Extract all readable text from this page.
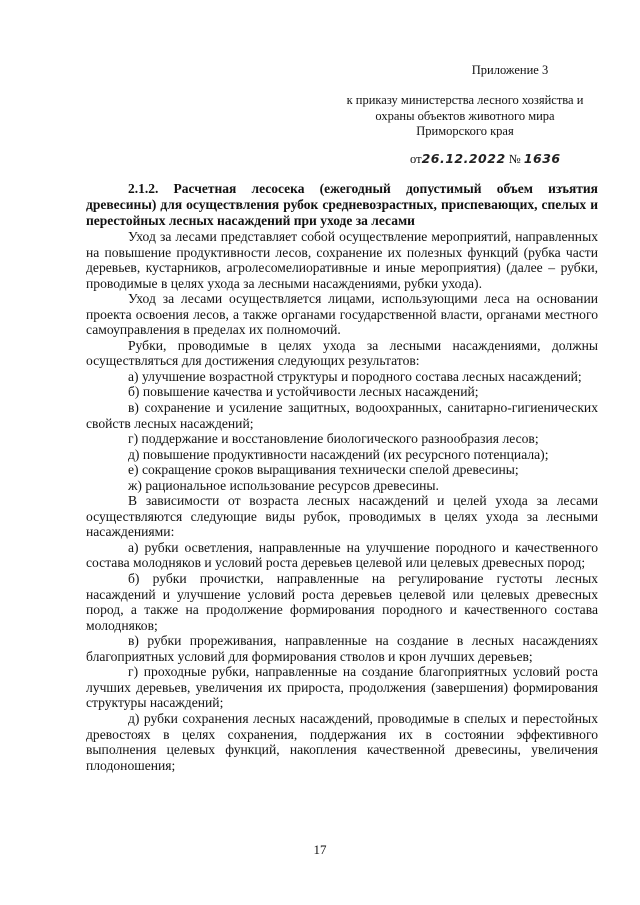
Приложение 3
к приказу министерства лесного хозяйства и
охраны объектов животного мира
Приморского края
от26.12.2022 № 1636

2.1.2. Расчетная лесосека (ежегодный допустимый объем изъятия древесины) для осуществления рубок средневозрастных, приспевающих, спелых и перестойных лесных насаждений при уходе за лесами

Уход за лесами представляет собой осуществление мероприятий, направленных на повышение продуктивности лесов, сохранение их полезных функций (рубка части деревьев, кустарников, агролесомелиоративные и иные мероприятия) (далее – рубки, проводимые в целях ухода за лесными насаждениями, рубки ухода).

Уход за лесами осуществляется лицами, использующими леса на основании проекта освоения лесов, а также органами государственной власти, органами местного самоуправления в пределах их полномочий.

Рубки, проводимые в целях ухода за лесными насаждениями, должны осуществляться для достижения следующих результатов:

а) улучшение возрастной структуры и породного состава лесных насаждений;

б) повышение качества и устойчивости лесных насаждений;

в) сохранение и усиление защитных, водоохранных, санитарно-гигиенических свойств лесных насаждений;

г) поддержание и восстановление биологического разнообразия лесов;

д) повышение продуктивности насаждений (их ресурсного потенциала);

е) сокращение сроков выращивания технически спелой древесины;

ж) рациональное использование ресурсов древесины.

В зависимости от возраста лесных насаждений и целей ухода за лесами осуществляются следующие виды рубок, проводимых в целях ухода за лесными насаждениями:

а) рубки осветления, направленные на улучшение породного и качественного состава молодняков и условий роста деревьев целевой или целевых древесных пород;

б) рубки прочистки, направленные на регулирование густоты лесных насаждений и улучшение условий роста деревьев целевой или целевых древесных пород, а также на продолжение формирования породного и качественного состава молодняков;

в) рубки прореживания, направленные на создание в лесных насаждениях благоприятных условий для формирования стволов и крон лучших деревьев;

г) проходные рубки, направленные на создание благоприятных условий роста лучших деревьев, увеличения их прироста, продолжения (завершения) формирования структуры насаждений;

д) рубки сохранения лесных насаждений, проводимые в спелых и перестойных древостоях в целях сохранения, поддержания их в состоянии эффективного выполнения целевых функций, накопления качественной древесины, увеличения плодоношения;

17
